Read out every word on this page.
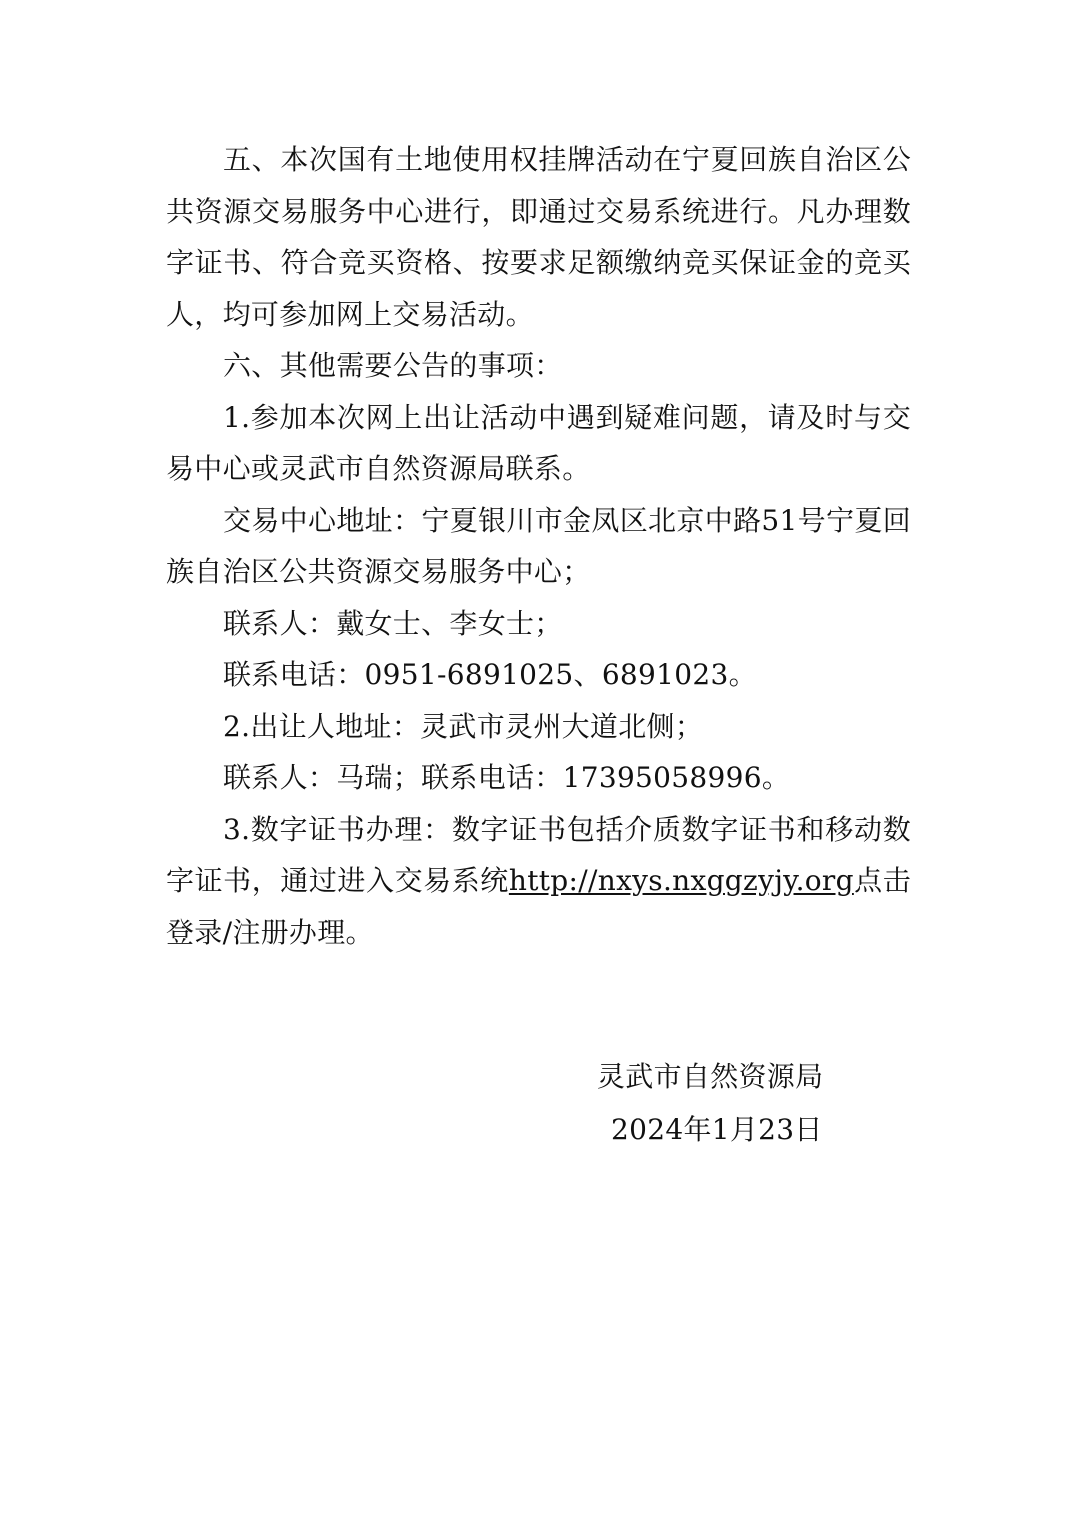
五、本次国有土地使用权挂牌活动在宁夏回族自治区公共资源交易服务中心进行，即通过交易系统进行。凡办理数字证书、符合竞买资格、按要求足额缴纳竞买保证金的竞买人，均可参加网上交易活动。

六、其他需要公告的事项：

1.参加本次网上出让活动中遇到疑难问题，请及时与交易中心或灵武市自然资源局联系。

交易中心地址：宁夏银川市金凤区北京中路51号宁夏回族自治区公共资源交易服务中心；

联系人：戴女士、李女士；

联系电话：0951-6891025、6891023。

2.出让人地址：灵武市灵州大道北侧；

联系人：马瑞；联系电话：17395058996。

3.数字证书办理：数字证书包括介质数字证书和移动数字证书，通过进入交易系统http://nxys.nxggzyjy.org点击登录/注册办理。

灵武市自然资源局
2024年1月23日
